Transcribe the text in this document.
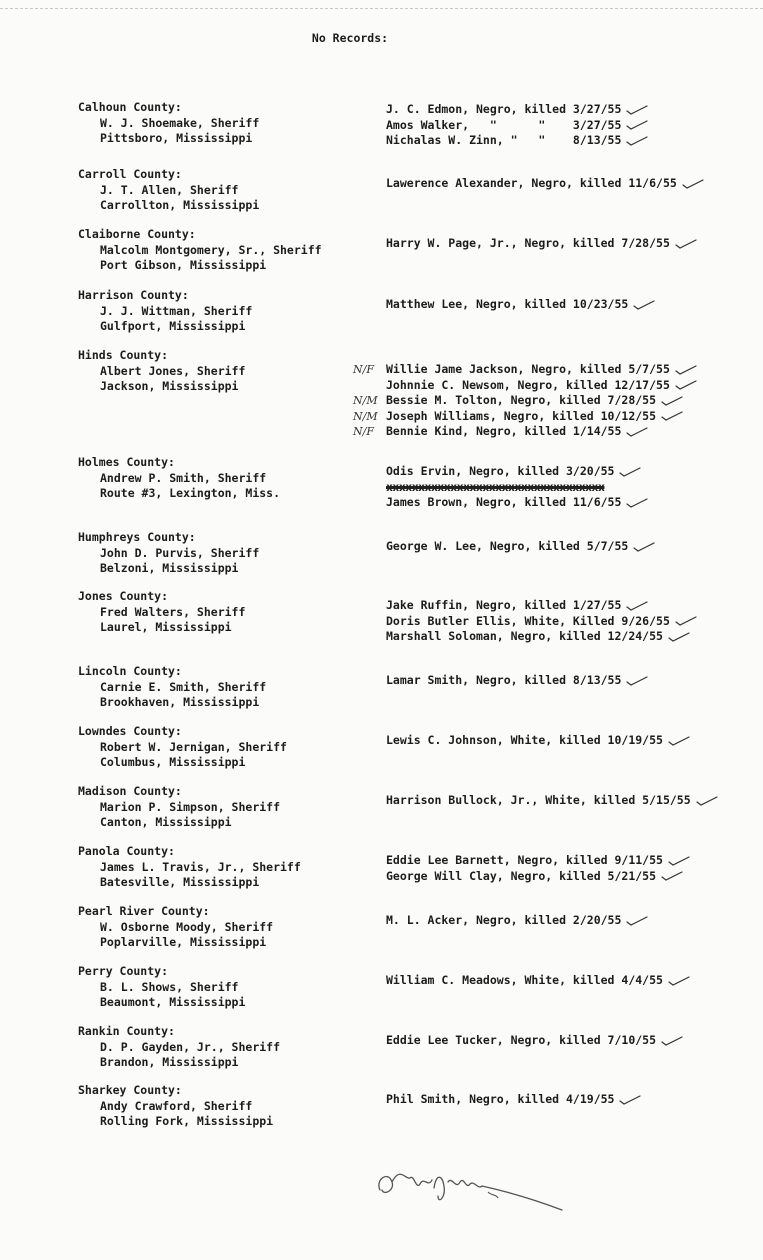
No Records:
Calhoun County:
W. J. Shoemake, Sheriff
Pittsboro, Mississippi
J. C. Edmon, Negro, killed 3/27/55
Amos Walker,   "      "    3/27/55
Nichalas W. Zinn, "   "    8/13/55
Carroll County:
J. T. Allen, Sheriff
Carrollton, Mississippi
Lawerence Alexander, Negro, killed 11/6/55
Claiborne County:
Malcolm Montgomery, Sr., Sheriff
Port Gibson, Mississippi
Harry W. Page, Jr., Negro, killed 7/28/55
Harrison County:
J. J. Wittman, Sheriff
Gulfport, Mississippi
Matthew Lee, Negro, killed 10/23/55
Hinds County:
Albert Jones, Sheriff
Jackson, Mississippi
N/F Willie Jame Jackson, Negro, killed 5/7/55
Johnnie C. Newsom, Negro, killed 12/17/55
N/M Bessie M. Tolton, Negro, killed 7/28/55
N/M Joseph Williams, Negro, killed 10/12/55
N/F Bennie Kind, Negro, killed 1/14/55
Holmes County:
Andrew P. Smith, Sheriff
Route #3, Lexington, Miss.
Odis Ervin, Negro, killed 3/20/55
xxxxxxxxxxxxxxxxxxxxxxxxxxxxxxxxxx
James Brown, Negro, killed 11/6/55
Humphreys County:
John D. Purvis, Sheriff
Belzoni, Mississippi
George W. Lee, Negro, killed 5/7/55
Jones County:
Fred Walters, Sheriff
Laurel, Mississippi
Jake Ruffin, Negro, killed 1/27/55
Doris Butler Ellis, White, Killed 9/26/55
Marshall Soloman, Negro, killed 12/24/55
Lincoln County:
Carnie E. Smith, Sheriff
Brookhaven, Mississippi
Lamar Smith, Negro, killed 8/13/55
Lowndes County:
Robert W. Jernigan, Sheriff
Columbus, Mississippi
Lewis C. Johnson, White, killed 10/19/55
Madison County:
Marion P. Simpson, Sheriff
Canton, Mississippi
Harrison Bullock, Jr., White, killed 5/15/55
Panola County:
James L. Travis, Jr., Sheriff
Batesville, Mississippi
Eddie Lee Barnett, Negro, killed 9/11/55
George Will Clay, Negro, killed 5/21/55
Pearl River County:
W. Osborne Moody, Sheriff
Poplarville, Mississippi
M. L. Acker, Negro, killed 2/20/55
Perry County:
B. L. Shows, Sheriff
Beaumont, Mississippi
William C. Meadows, White, killed 4/4/55
Rankin County:
D. P. Gayden, Jr., Sheriff
Brandon, Mississippi
Eddie Lee Tucker, Negro, killed 7/10/55
Sharkey County:
Andy Crawford, Sheriff
Rolling Fork, Mississippi
Phil Smith, Negro, killed 4/19/55
